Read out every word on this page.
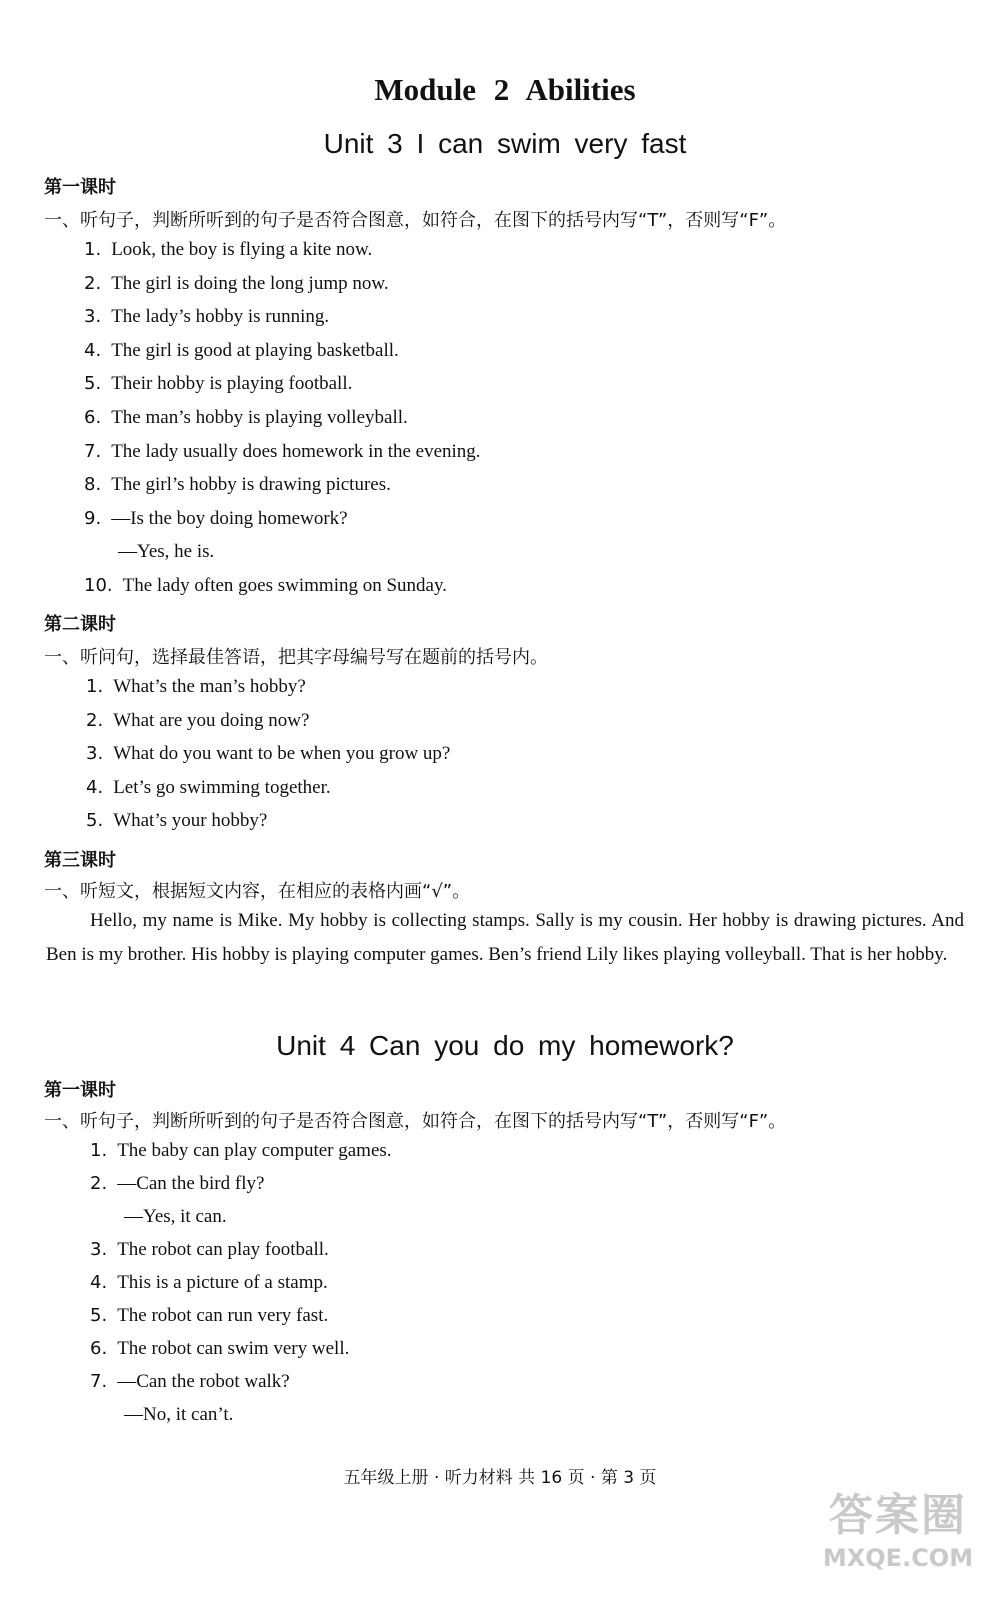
Module 2 Abilities
Unit 3 I can swim very fast
第一课时
一、听句子，判断所听到的句子是否符合图意，如符合，在图下的括号内写“T”，否则写“F”。
1. Look, the boy is flying a kite now.
2. The girl is doing the long jump now.
3. The lady’s hobby is running.
4. The girl is good at playing basketball.
5. Their hobby is playing football.
6. The man’s hobby is playing volleyball.
7. The lady usually does homework in the evening.
8. The girl’s hobby is drawing pictures.
9. —Is the boy doing homework?
—Yes, he is.
10. The lady often goes swimming on Sunday.
第二课时
一、听问句，选择最佳答语，把其字母编号写在题前的括号内。
1. What’s the man’s hobby?
2. What are you doing now?
3. What do you want to be when you grow up?
4. Let’s go swimming together.
5. What’s your hobby?
第三课时
一、听短文，根据短文内容，在相应的表格内画“√”。
Hello, my name is Mike. My hobby is collecting stamps. Sally is my cousin. Her hobby is drawing pictures. And Ben is my brother. His hobby is playing computer games. Ben’s friend Lily likes playing volleyball. That is her hobby.
Unit 4 Can you do my homework?
第一课时
一、听句子，判断所听到的句子是否符合图意，如符合，在图下的括号内写“T”，否则写“F”。
1. The baby can play computer games.
2. —Can the bird fly?
—Yes, it can.
3. The robot can play football.
4. This is a picture of a stamp.
5. The robot can run very fast.
6. The robot can swim very well.
7. —Can the robot walk?
—No, it can’t.
五年级上册 · 听力材料 共 16 页 · 第 3 页
答案圈
MXQE.COM
